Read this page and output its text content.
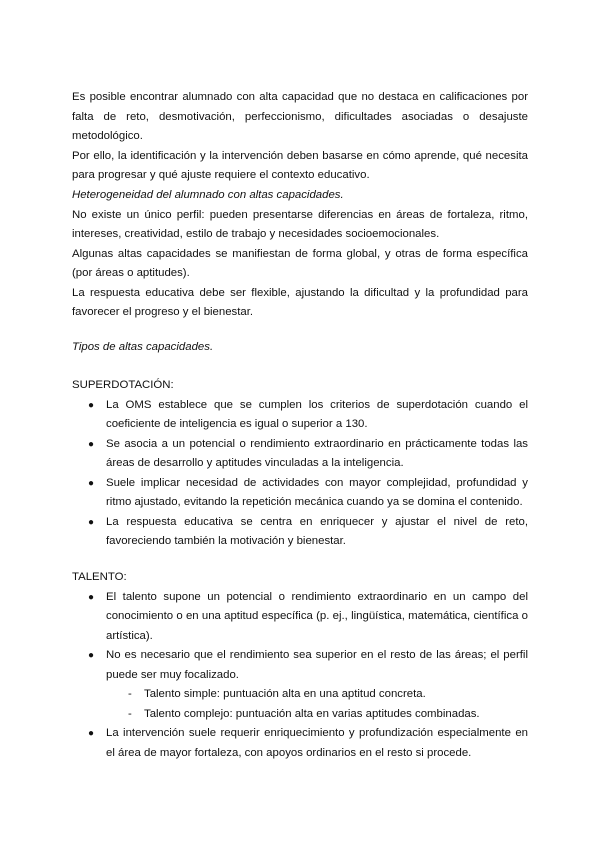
Es posible encontrar alumnado con alta capacidad que no destaca en calificaciones por falta de reto, desmotivación, perfeccionismo, dificultades asociadas o desajuste metodológico.

Por ello, la identificación y la intervención deben basarse en cómo aprende, qué necesita para progresar y qué ajuste requiere el contexto educativo.

Heterogeneidad del alumnado con altas capacidades.

No existe un único perfil: pueden presentarse diferencias en áreas de fortaleza, ritmo, intereses, creatividad, estilo de trabajo y necesidades socioemocionales.

Algunas altas capacidades se manifiestan de forma global, y otras de forma específica (por áreas o aptitudes).

La respuesta educativa debe ser flexible, ajustando la dificultad y la profundidad para favorecer el progreso y el bienestar.

Tipos de altas capacidades.

SUPERDOTACIÓN:

● La OMS establece que se cumplen los criterios de superdotación cuando el coeficiente de inteligencia es igual o superior a 130.
● Se asocia a un potencial o rendimiento extraordinario en prácticamente todas las áreas de desarrollo y aptitudes vinculadas a la inteligencia.
● Suele implicar necesidad de actividades con mayor complejidad, profundidad y ritmo ajustado, evitando la repetición mecánica cuando ya se domina el contenido.
● La respuesta educativa se centra en enriquecer y ajustar el nivel de reto, favoreciendo también la motivación y bienestar.

TALENTO:

● El talento supone un potencial o rendimiento extraordinario en un campo del conocimiento o en una aptitud específica (p. ej., lingüística, matemática, científica o artística).
● No es necesario que el rendimiento sea superior en el resto de las áreas; el perfil puede ser muy focalizado.
- Talento simple: puntuación alta en una aptitud concreta.
- Talento complejo: puntuación alta en varias aptitudes combinadas.
● La intervención suele requerir enriquecimiento y profundización especialmente en el área de mayor fortaleza, con apoyos ordinarios en el resto si procede.
